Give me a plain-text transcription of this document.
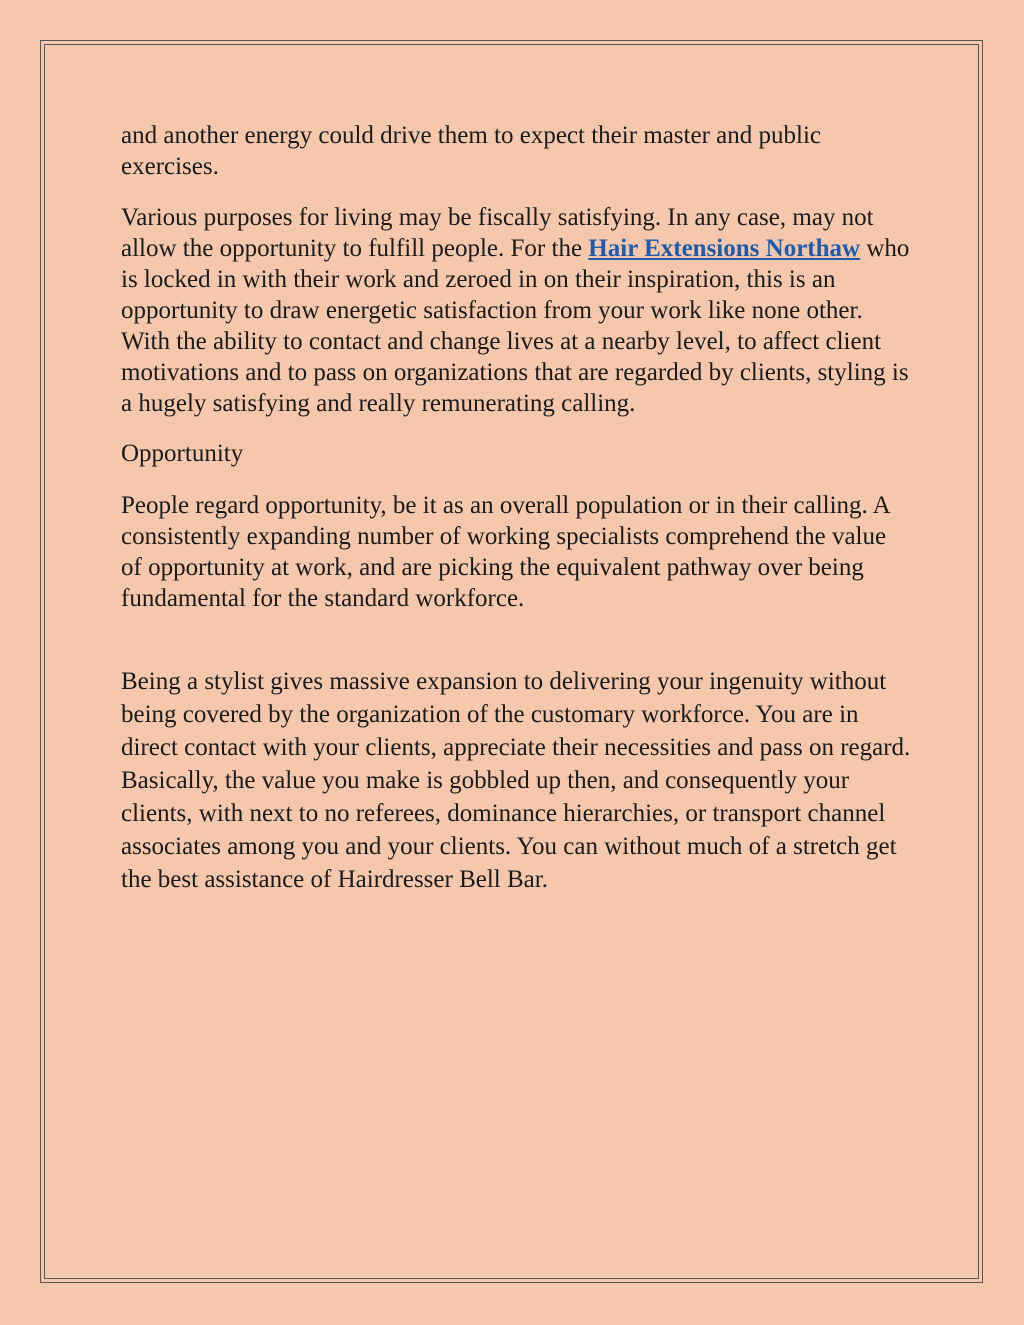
and another energy could drive them to expect their master and public exercises.

Various purposes for living may be fiscally satisfying. In any case, may not allow the opportunity to fulfill people. For the Hair Extensions Northaw who is locked in with their work and zeroed in on their inspiration, this is an opportunity to draw energetic satisfaction from your work like none other. With the ability to contact and change lives at a nearby level, to affect client motivations and to pass on organizations that are regarded by clients, styling is a hugely satisfying and really remunerating calling.

Opportunity

People regard opportunity, be it as an overall population or in their calling. A consistently expanding number of working specialists comprehend the value of opportunity at work, and are picking the equivalent pathway over being fundamental for the standard workforce.

Being a stylist gives massive expansion to delivering your ingenuity without being covered by the organization of the customary workforce. You are in direct contact with your clients, appreciate their necessities and pass on regard. Basically, the value you make is gobbled up then, and consequently your clients, with next to no referees, dominance hierarchies, or transport channel associates among you and your clients. You can without much of a stretch get the best assistance of Hairdresser Bell Bar.
